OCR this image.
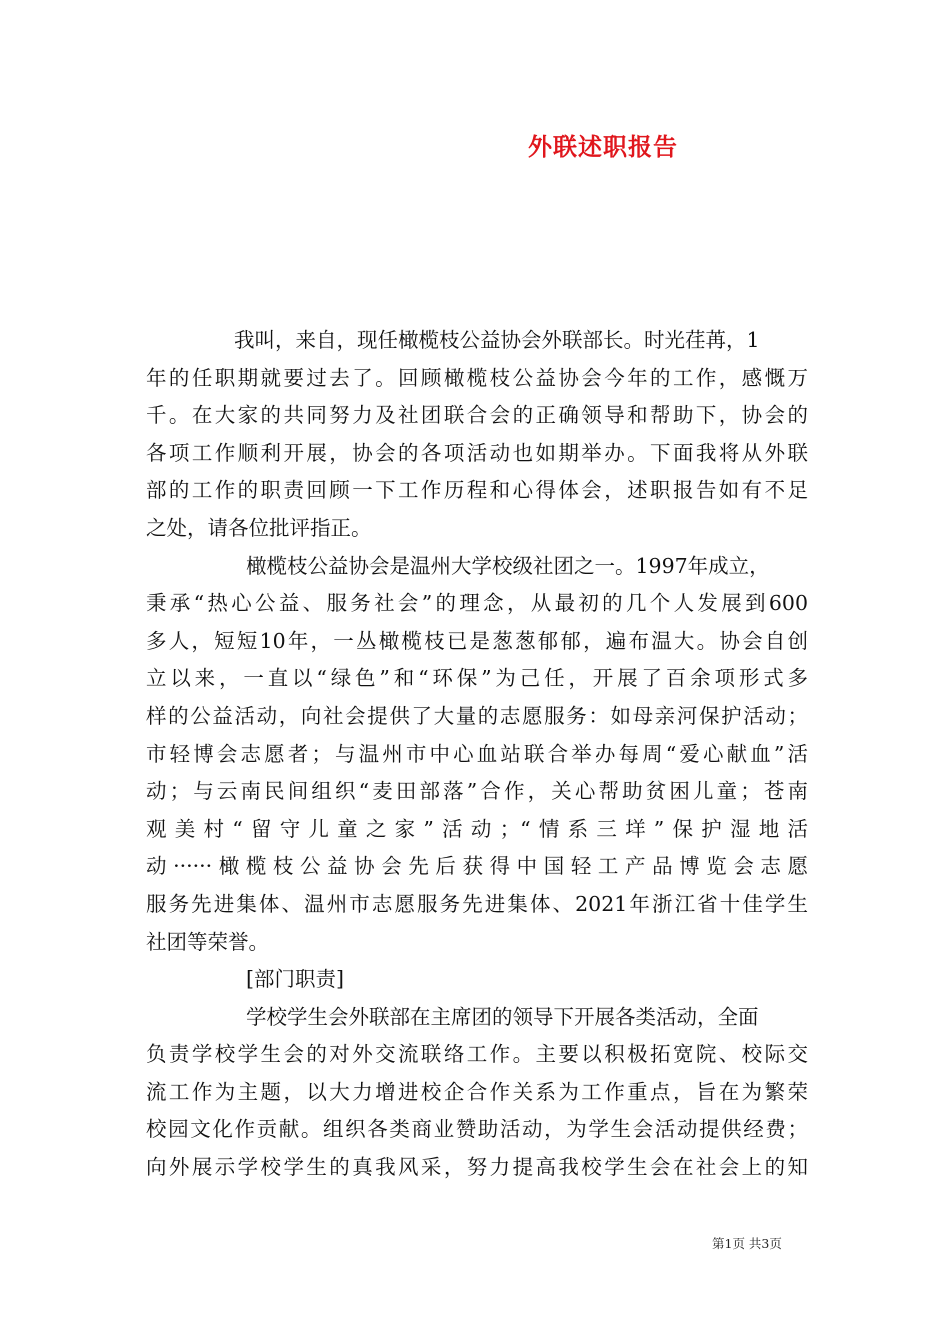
外联述职报告

我叫，来自，现任橄榄枝公益协会外联部长。时光荏苒，1
年的任职期就要过去了。回顾橄榄枝公益协会今年的工作，感慨万
千。在大家的共同努力及社团联合会的正确领导和帮助下，协会的
各项工作顺利开展，协会的各项活动也如期举办。下面我将从外联
部的工作的职责回顾一下工作历程和心得体会，述职报告如有不足
之处，请各位批评指正。

橄榄枝公益协会是温州大学校级社团之一。1997年成立，
秉承“热心公益、服务社会”的理念，从最初的几个人发展到600
多人，短短10年，一丛橄榄枝已是葱葱郁郁，遍布温大。协会自创
立以来，一直以“绿色”和“环保”为己任，开展了百余项形式多
样的公益活动，向社会提供了大量的志愿服务：如母亲河保护活动；
市轻博会志愿者；与温州市中心血站联合举办每周“爱心献血”活
动；与云南民间组织“麦田部落”合作，关心帮助贫困儿童；苍南
观美村“留守儿童之家”活动；“情系三垟”保护湿地活
动······橄榄枝公益协会先后获得中国轻工产品博览会志愿
服务先进集体、温州市志愿服务先进集体、2021年浙江省十佳学生
社团等荣誉。

[部门职责]

学校学生会外联部在主席团的领导下开展各类活动，全面
负责学校学生会的对外交流联络工作。主要以积极拓宽院、校际交
流工作为主题，以大力增进校企合作关系为工作重点，旨在为繁荣
校园文化作贡献。组织各类商业赞助活动，为学生会活动提供经费；
向外展示学校学生的真我风采，努力提高我校学生会在社会上的知

第1页 共3页
